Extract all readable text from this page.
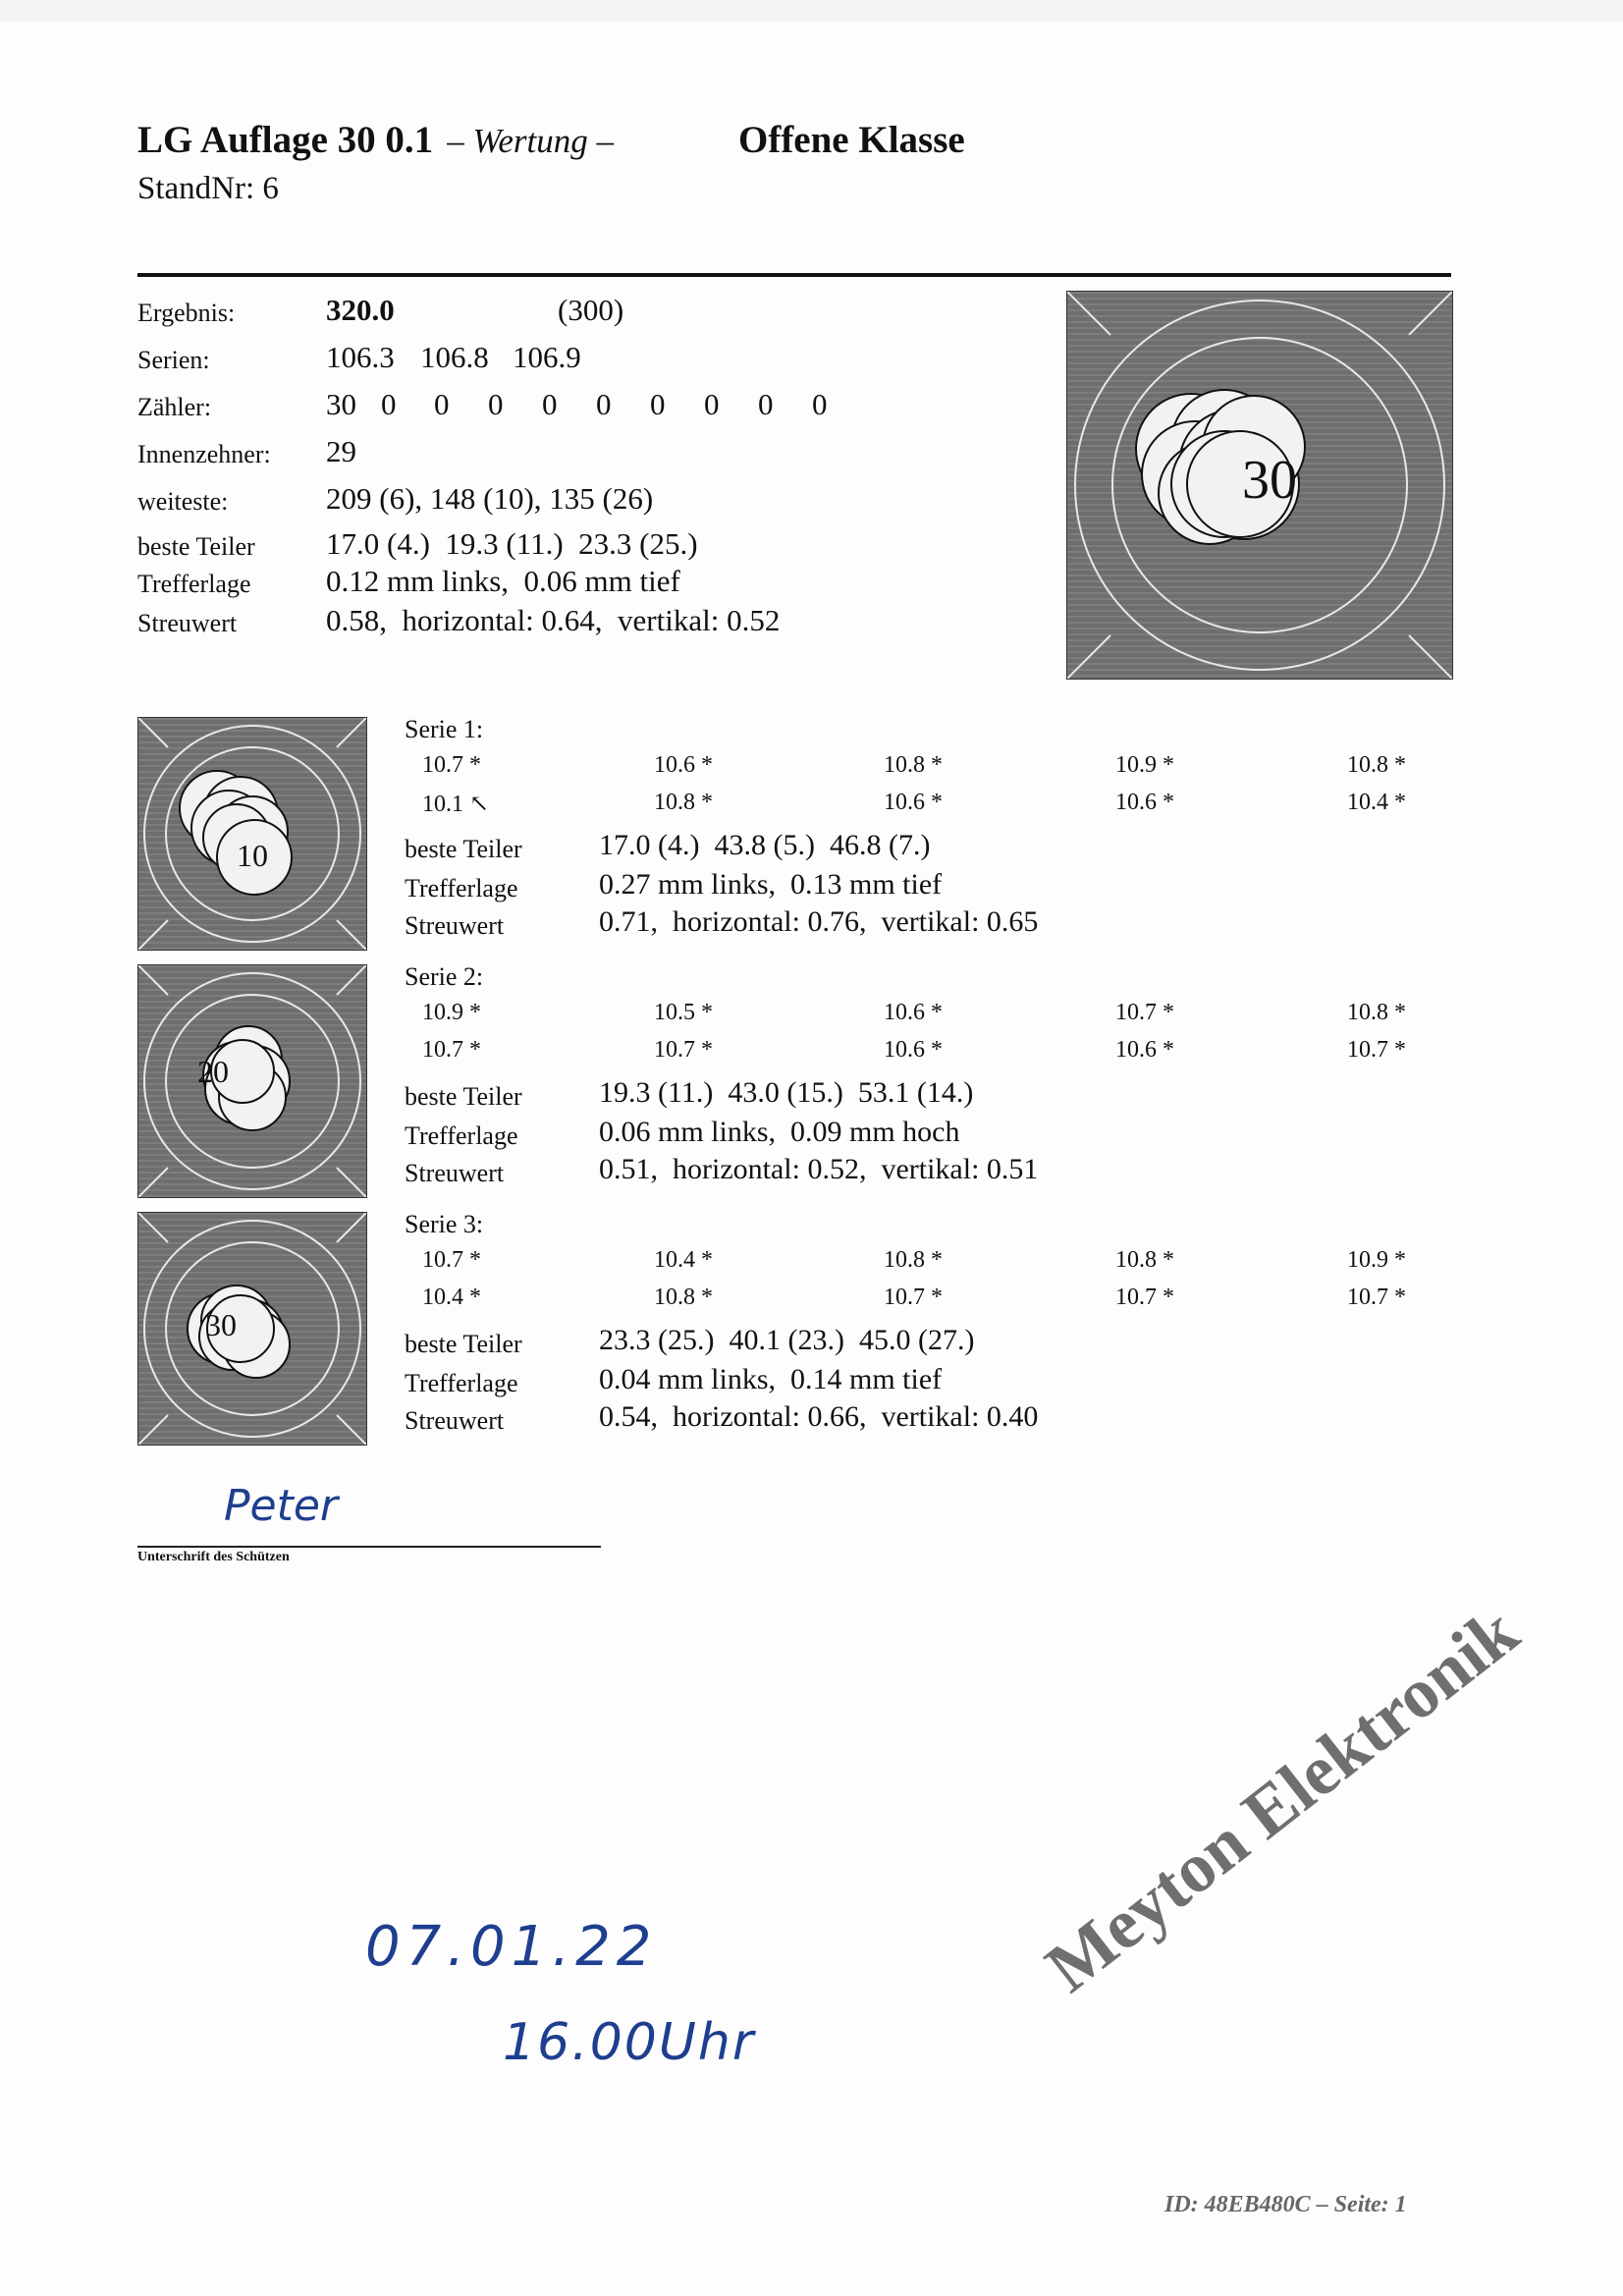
LG Auflage 30 0.1 – Wertung –	Offene Klasse
StandNr: 6
Ergebnis:	320.0	(300)
Serien:	106.3 106.8 106.9
Zähler:	30 0 0 0 0 0 0 0 0 0
Innenzehner: 29
weiteste:	209 (6), 148 (10), 135 (26)
beste Teiler 17.0 (4.)  19.3 (11.)  23.3 (25.)
Trefferlage 0.12 mm links,  0.06 mm tief
Streuwert	0.58,  horizontal: 0.64,  vertikal: 0.52
30
10
Serie 1:
10.7 *	10.6 *	10.8 *	10.9 *	10.8 *
10.1 ↖	10.8 *	10.6 *	10.6 *	10.4 *
beste Teiler	17.0 (4.)  43.8 (5.)  46.8 (7.)
Trefferlage	0.27 mm links,  0.13 mm tief
Streuwert	0.71,  horizontal: 0.76,  vertikal: 0.65
20
Serie 2:
10.9 *	10.5 *	10.6 *	10.7 *	10.8 *
10.7 *	10.7 *	10.6 *	10.6 *	10.7 *
beste Teiler	19.3 (11.)  43.0 (15.)  53.1 (14.)
Trefferlage	0.06 mm links,  0.09 mm hoch
Streuwert	0.51,  horizontal: 0.52,  vertikal: 0.51
30
Serie 3:
10.7 *	10.4 *	10.8 *	10.8 *	10.9 *
10.4 *	10.8 *	10.7 *	10.7 *	10.7 *
beste Teiler	23.3 (25.)  40.1 (23.)  45.0 (27.)
Trefferlage	0.04 mm links,  0.14 mm tief
Streuwert	0.54,  horizontal: 0.66,  vertikal: 0.40
Peter
Unterschrift des Schützen
07.01.22
16.00Uhr
Meyton Elektronik
ID: 48EB480C – Seite: 1
